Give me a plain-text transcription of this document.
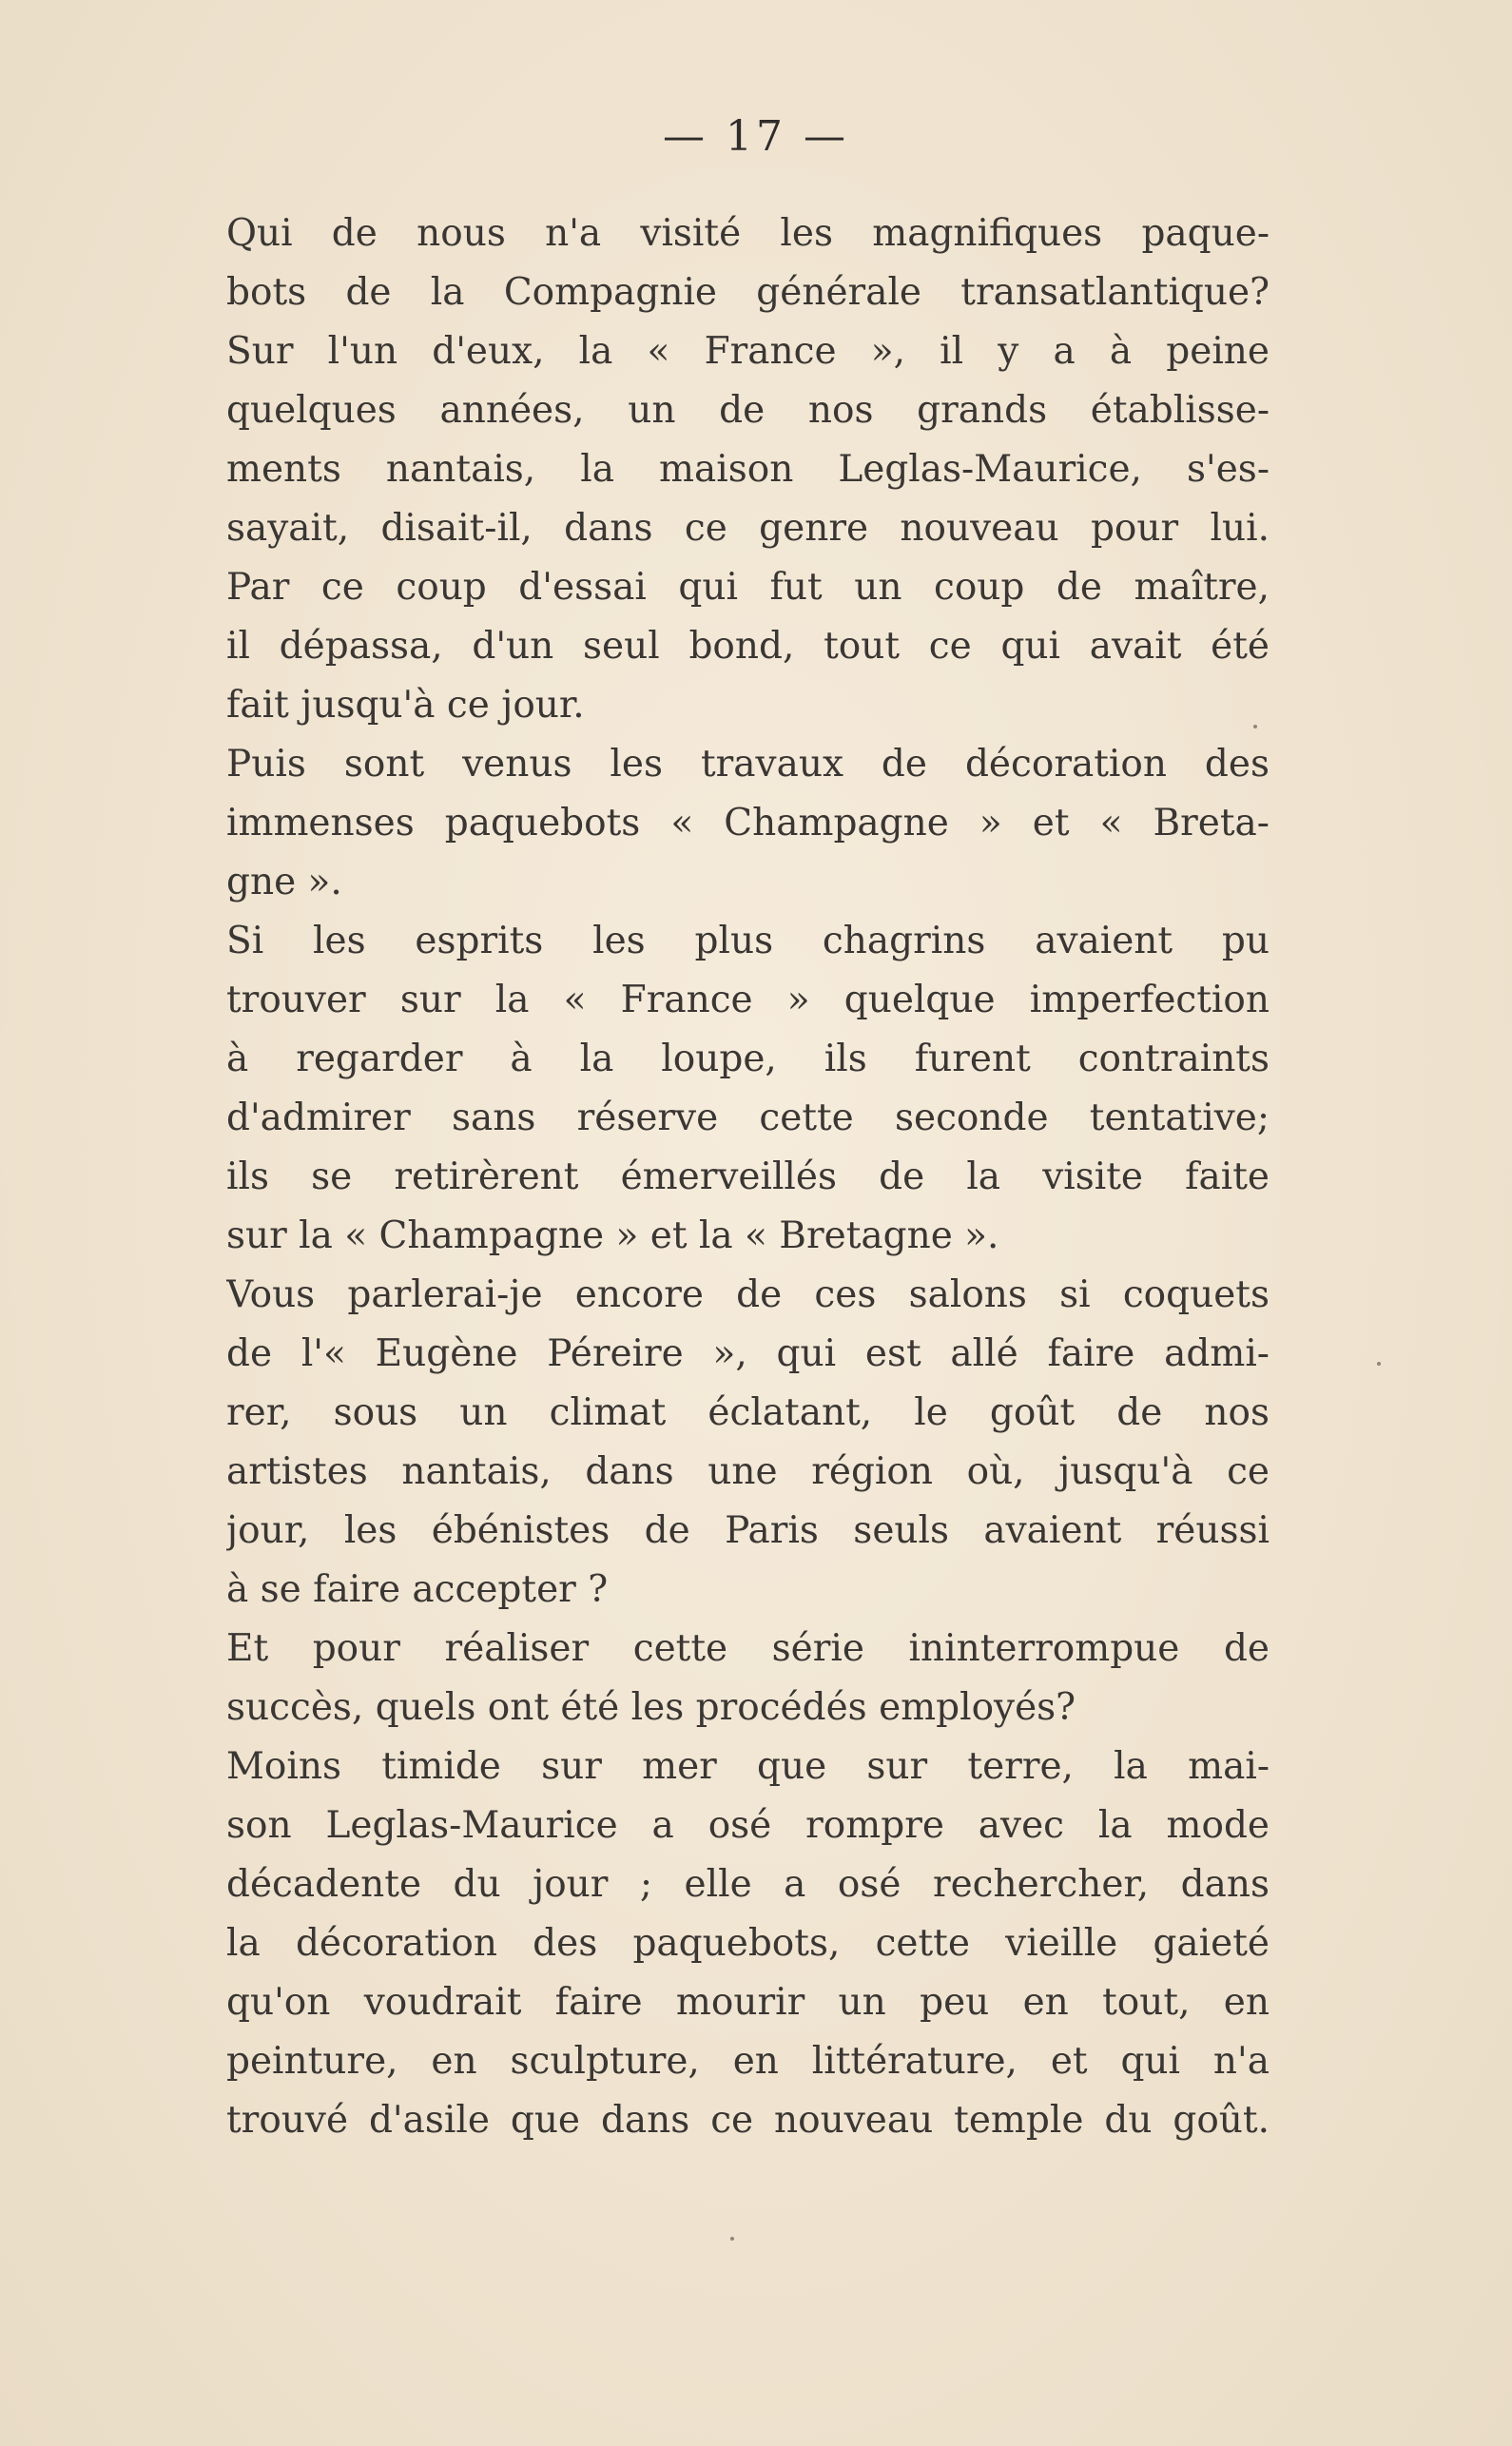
— 17 —
Qui de nous n'a visité les magnifiques paque-
bots de la Compagnie générale transatlantique?
Sur l'un d'eux, la « France », il y a à peine
quelques années, un de nos grands établisse-
ments nantais, la maison Leglas-Maurice, s'es-
sayait, disait-il, dans ce genre nouveau pour lui.
Par ce coup d'essai qui fut un coup de maître,
il dépassa, d'un seul bond, tout ce qui avait été
fait jusqu'à ce jour.
Puis sont venus les travaux de décoration des
immenses paquebots « Champagne » et « Breta-
gne ».
Si les esprits les plus chagrins avaient pu
trouver sur la « France » quelque imperfection
à regarder à la loupe, ils furent contraints
d'admirer sans réserve cette seconde tentative;
ils se retirèrent émerveillés de la visite faite
sur la « Champagne » et la « Bretagne ».
Vous parlerai-je encore de ces salons si coquets
de l'« Eugène Péreire », qui est allé faire admi-
rer, sous un climat éclatant, le goût de nos
artistes nantais, dans une région où, jusqu'à ce
jour, les ébénistes de Paris seuls avaient réussi
à se faire accepter ?
Et pour réaliser cette série ininterrompue de
succès, quels ont été les procédés employés?
Moins timide sur mer que sur terre, la mai-
son Leglas-Maurice a osé rompre avec la mode
décadente du jour ; elle a osé rechercher, dans
la décoration des paquebots, cette vieille gaieté
qu'on voudrait faire mourir un peu en tout, en
peinture, en sculpture, en littérature, et qui n'a
trouvé d'asile que dans ce nouveau temple du goût.
